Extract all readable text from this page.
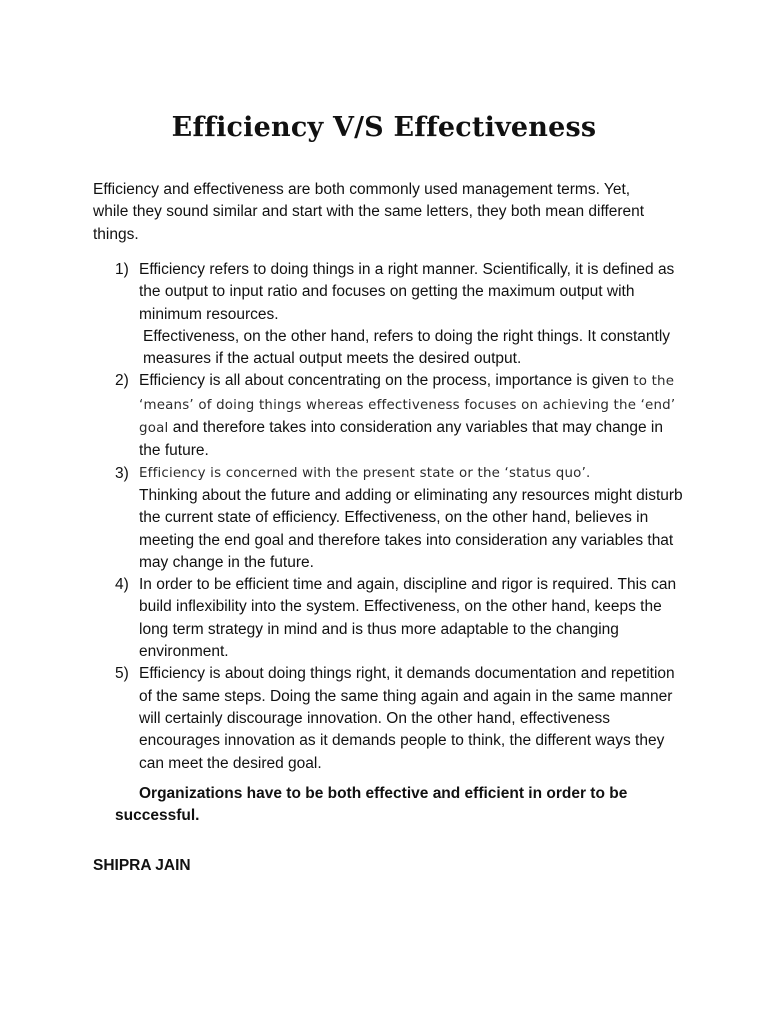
Efficiency V/S Effectiveness

Efficiency and effectiveness are both commonly used management terms. Yet, while they sound similar and start with the same letters, they both mean different things.

1) Efficiency refers to doing things in a right manner. Scientifically, it is defined as the output to input ratio and focuses on getting the maximum output with minimum resources.
Effectiveness, on the other hand, refers to doing the right things. It constantly measures if the actual output meets the desired output.
2) Efficiency is all about concentrating on the process, importance is given to the ‘means’ of doing things whereas effectiveness focuses on achieving the ‘end’ goal and therefore takes into consideration any variables that may change in the future.
3) Efficiency is concerned with the present state or the ‘status quo’.
Thinking about the future and adding or eliminating any resources might disturb the current state of efficiency. Effectiveness, on the other hand, believes in meeting the end goal and therefore takes into consideration any variables that may change in the future.
4) In order to be efficient time and again, discipline and rigor is required. This can build inflexibility into the system. Effectiveness, on the other hand, keeps the long term strategy in mind and is thus more adaptable to the changing environment.
5) Efficiency is about doing things right, it demands documentation and repetition of the same steps. Doing the same thing again and again in the same manner will certainly discourage innovation. On the other hand, effectiveness encourages innovation as it demands people to think, the different ways they can meet the desired goal.
Organizations have to be both effective and efficient in order to be
successful.

SHIPRA JAIN
